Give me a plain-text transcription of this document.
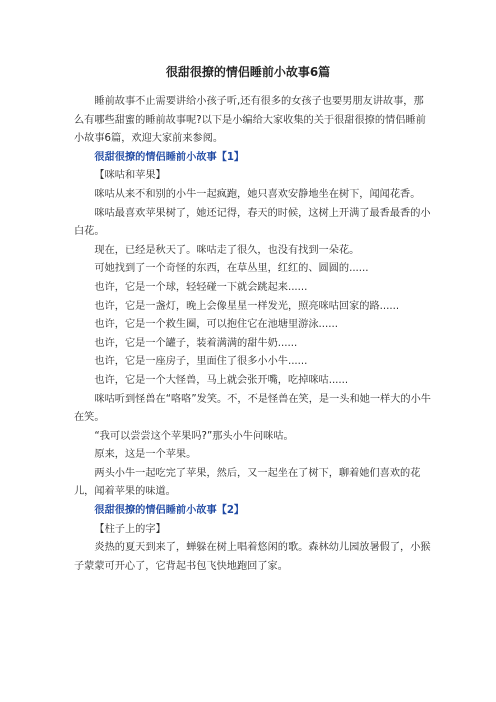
很甜很撩的情侣睡前小故事6篇

睡前故事不止需要讲给小孩子听,还有很多的女孩子也要男朋友讲故事，那么有哪些甜蜜的睡前故事呢?以下是小编给大家收集的关于很甜很撩的情侣睡前小故事6篇，欢迎大家前来参阅。

很甜很撩的情侣睡前小故事【1】

【咪咕和苹果】

咪咕从来不和别的小牛一起疯跑，她只喜欢安静地坐在树下，闻闻花香。

咪咕最喜欢苹果树了，她还记得，春天的时候，这树上开满了最香最香的小白花。

现在，已经是秋天了。咪咕走了很久，也没有找到一朵花。

可她找到了一个奇怪的东西，在草丛里，红红的、圆圆的......

也许，它是一个球，轻轻碰一下就会跳起来......

也许，它是一盏灯，晚上会像星星一样发光，照亮咪咕回家的路......

也许，它是一个救生圈，可以抱住它在池塘里游泳......

也许，它是一个罐子，装着满满的甜牛奶......

也许，它是一座房子，里面住了很多小小牛......

也许，它是一个大怪兽，马上就会张开嘴，吃掉咪咕......

咪咕听到怪兽在“咯咯”发笑。不，不是怪兽在笑，是一头和她一样大的小牛在笑。

“我可以尝尝这个苹果吗?”那头小牛问咪咕。

原来，这是一个苹果。

两头小牛一起吃完了苹果，然后，又一起坐在了树下，聊着她们喜欢的花儿，闻着苹果的味道。

很甜很撩的情侣睡前小故事【2】

【柱子上的字】

炎热的夏天到来了，蝉躲在树上唱着悠闲的歌。森林幼儿园放暑假了，小猴子蒙蒙可开心了，它背起书包飞快地跑回了家。
